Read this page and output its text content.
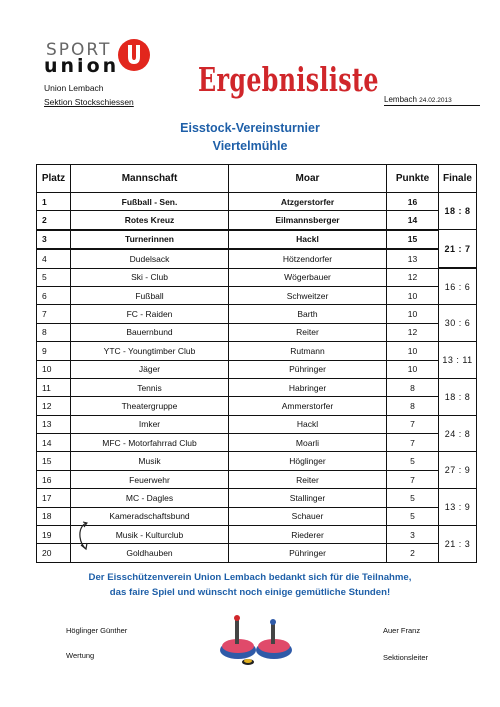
SPORT
union
Union Lembach
Sektion Stockschiessen
Ergebnisliste
Lembach 24.02.2013
Eisstock-Vereinsturnier
Viertelmühle
Platz	Mannschaft	Moar	Punkte	Finale
1	Fußball - Sen.	Atzgerstorfer	16	18 : 8
2	Rotes Kreuz	Eilmannsberger	14	
3	Turnerinnen	Hackl	15	21 : 7
4	Dudelsack	Hötzendorfer	13	
5	Ski - Club	Wögerbauer	12	16 : 6
6	Fußball	Schweitzer	10	
7	FC - Raiden	Barth	10	30 : 6
8	Bauernbund	Reiter	12	
9	YTC - Youngtimber Club	Rutmann	10	13 : 11
10	Jäger	Pühringer	10	
11	Tennis	Habringer	8	18 : 8
12	Theatergruppe	Ammerstorfer	8	
13	Imker	Hackl	7	24 : 8
14	MFC - Motorfahrrad Club	Moarli	7	
15	Musik	Höglinger	5	27 : 9
16	Feuerwehr	Reiter	7	
17	MC - Dagles	Stallinger	5	13 : 9
18	Kameradschaftsbund	Schauer	5	
19	Musik - Kulturclub	Riederer	3	21 : 3
20	Goldhauben	Pühringer	2	
Der Eisschützenverein Union Lembach bedankt sich für die Teilnahme,
das faire Spiel und wünscht noch einige gemütliche Stunden!
Höglinger Günther
Wertung
Auer Franz
Sektionsleiter
